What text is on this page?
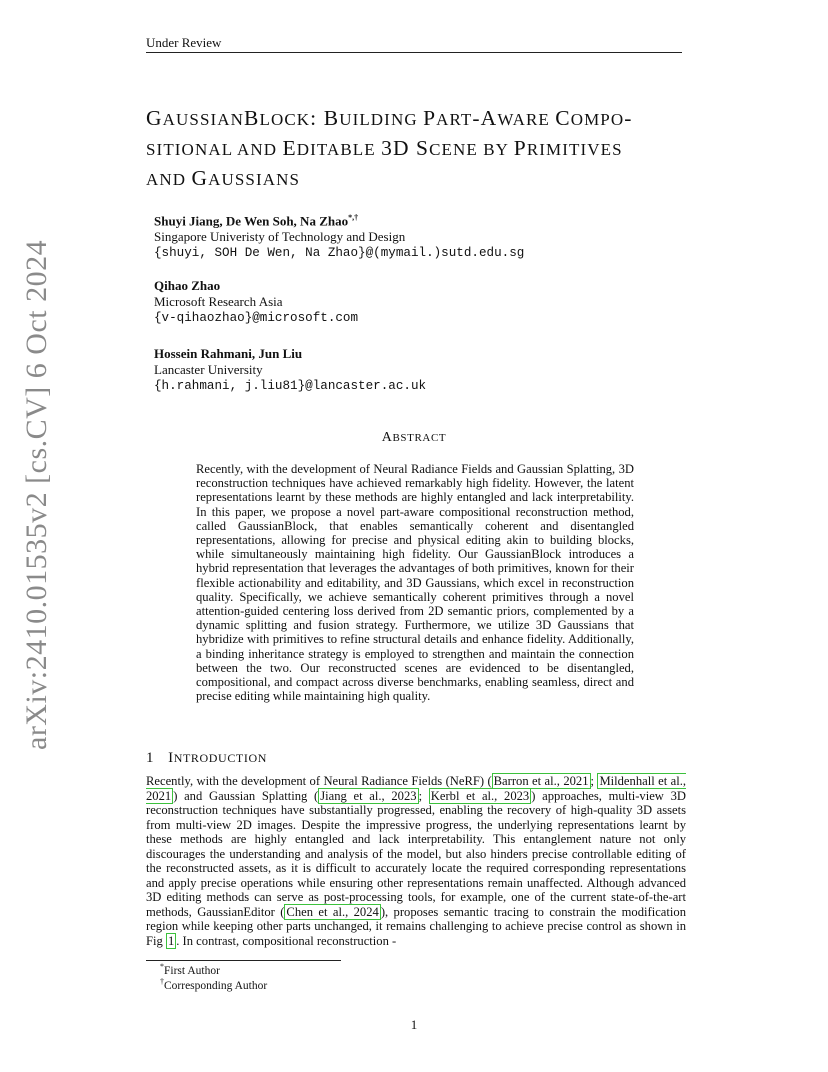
Under Review
arXiv:2410.01535v2 [cs.CV] 6 Oct 2024
GAUSSIANBLOCK: BUILDING PART-AWARE COMPO-
SITIONAL AND EDITABLE 3D SCENE BY PRIMITIVES
AND GAUSSIANS
Shuyi Jiang, De Wen Soh, Na Zhao*,†
Singapore Univeristy of Technology and Design
{shuyi, SOH De Wen, Na Zhao}@(mymail.)sutd.edu.sg
Qihao Zhao
Microsoft Research Asia
{v-qihaozhao}@microsoft.com
Hossein Rahmani, Jun Liu
Lancaster University
{h.rahmani, j.liu81}@lancaster.ac.uk
ABSTRACT
Recently, with the development of Neural Radiance Fields and Gaussian Splatting, 3D reconstruction techniques have achieved remarkably high fidelity. However, the latent representations learnt by these methods are highly entangled and lack interpretability. In this paper, we propose a novel part-aware compositional reconstruction method, called GaussianBlock, that enables semantically coherent and disentangled representations, allowing for precise and physical editing akin to building blocks, while simultaneously maintaining high fidelity. Our GaussianBlock introduces a hybrid representation that leverages the advantages of both primitives, known for their flexible actionability and editability, and 3D Gaussians, which excel in reconstruction quality. Specifically, we achieve semantically coherent primitives through a novel attention-guided centering loss derived from 2D semantic priors, complemented by a dynamic splitting and fusion strategy. Furthermore, we utilize 3D Gaussians that hybridize with primitives to refine structural details and enhance fidelity. Additionally, a binding inheritance strategy is employed to strengthen and maintain the connection between the two. Our reconstructed scenes are evidenced to be disentangled, compositional, and compact across diverse benchmarks, enabling seamless, direct and precise editing while maintaining high quality.
1 INTRODUCTION
Recently, with the development of Neural Radiance Fields (NeRF) ( Barron et al., 2021 ; Mildenhall et al., 2021 ) and Gaussian Splatting ( Jiang et al., 2023 ; Kerbl et al., 2023 ) approaches, multi-view 3D reconstruction techniques have substantially progressed, enabling the recovery of high-quality 3D assets from multi-view 2D images. Despite the impressive progress, the underlying representations learnt by these methods are highly entangled and lack interpretability. This entanglement nature not only discourages the understanding and analysis of the model, but also hinders precise controllable editing of the reconstructed assets, as it is difficult to accurately locate the required corresponding representations and apply precise operations while ensuring other representations remain unaffected. Although advanced 3D editing methods can serve as post-processing tools, for example, one of the current state-of-the-art methods, GaussianEditor ( Chen et al., 2024 ), proposes semantic tracing to constrain the modification region while keeping other parts unchanged, it remains challenging to achieve precise control as shown in Fig 1 . In contrast, compositional reconstruction -
*First Author
†Corresponding Author
1
